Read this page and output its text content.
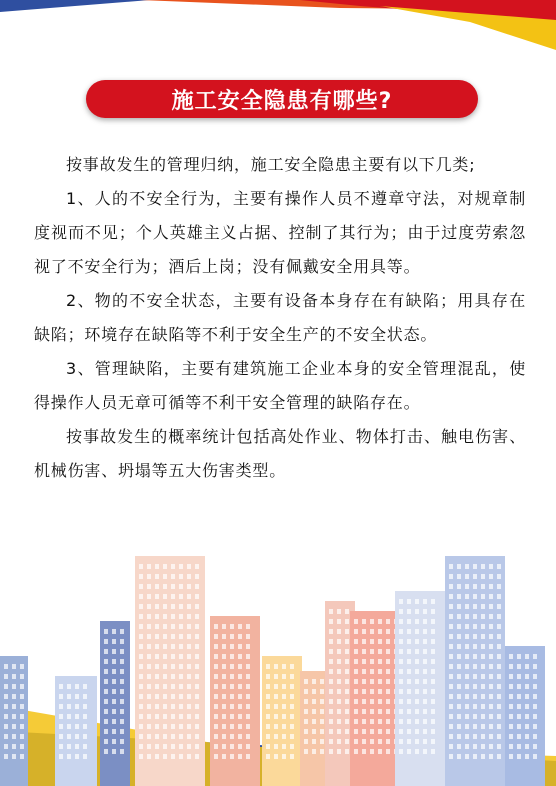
施工安全隐患有哪些?

按事故发生的管理归纳，施工安全隐患主要有以下几类;

1、人的不安全行为，主要有操作人员不遵章守法，对规章制度视而不见；个人英雄主义占据、控制了其行为；由于过度劳索忽视了不安全行为；酒后上岗；没有佩戴安全用具等。

2、物的不安全状态，主要有设备本身存在有缺陷；用具存在缺陷；环境存在缺陷等不利于安全生产的不安全状态。

3、管理缺陷，主要有建筑施工企业本身的安全管理混乱，使得操作人员无章可循等不利干安全管理的缺陷存在。

按事故发生的概率统计包括高处作业、物体打击、触电伤害、机械伤害、坍塌等五大伤害类型。
